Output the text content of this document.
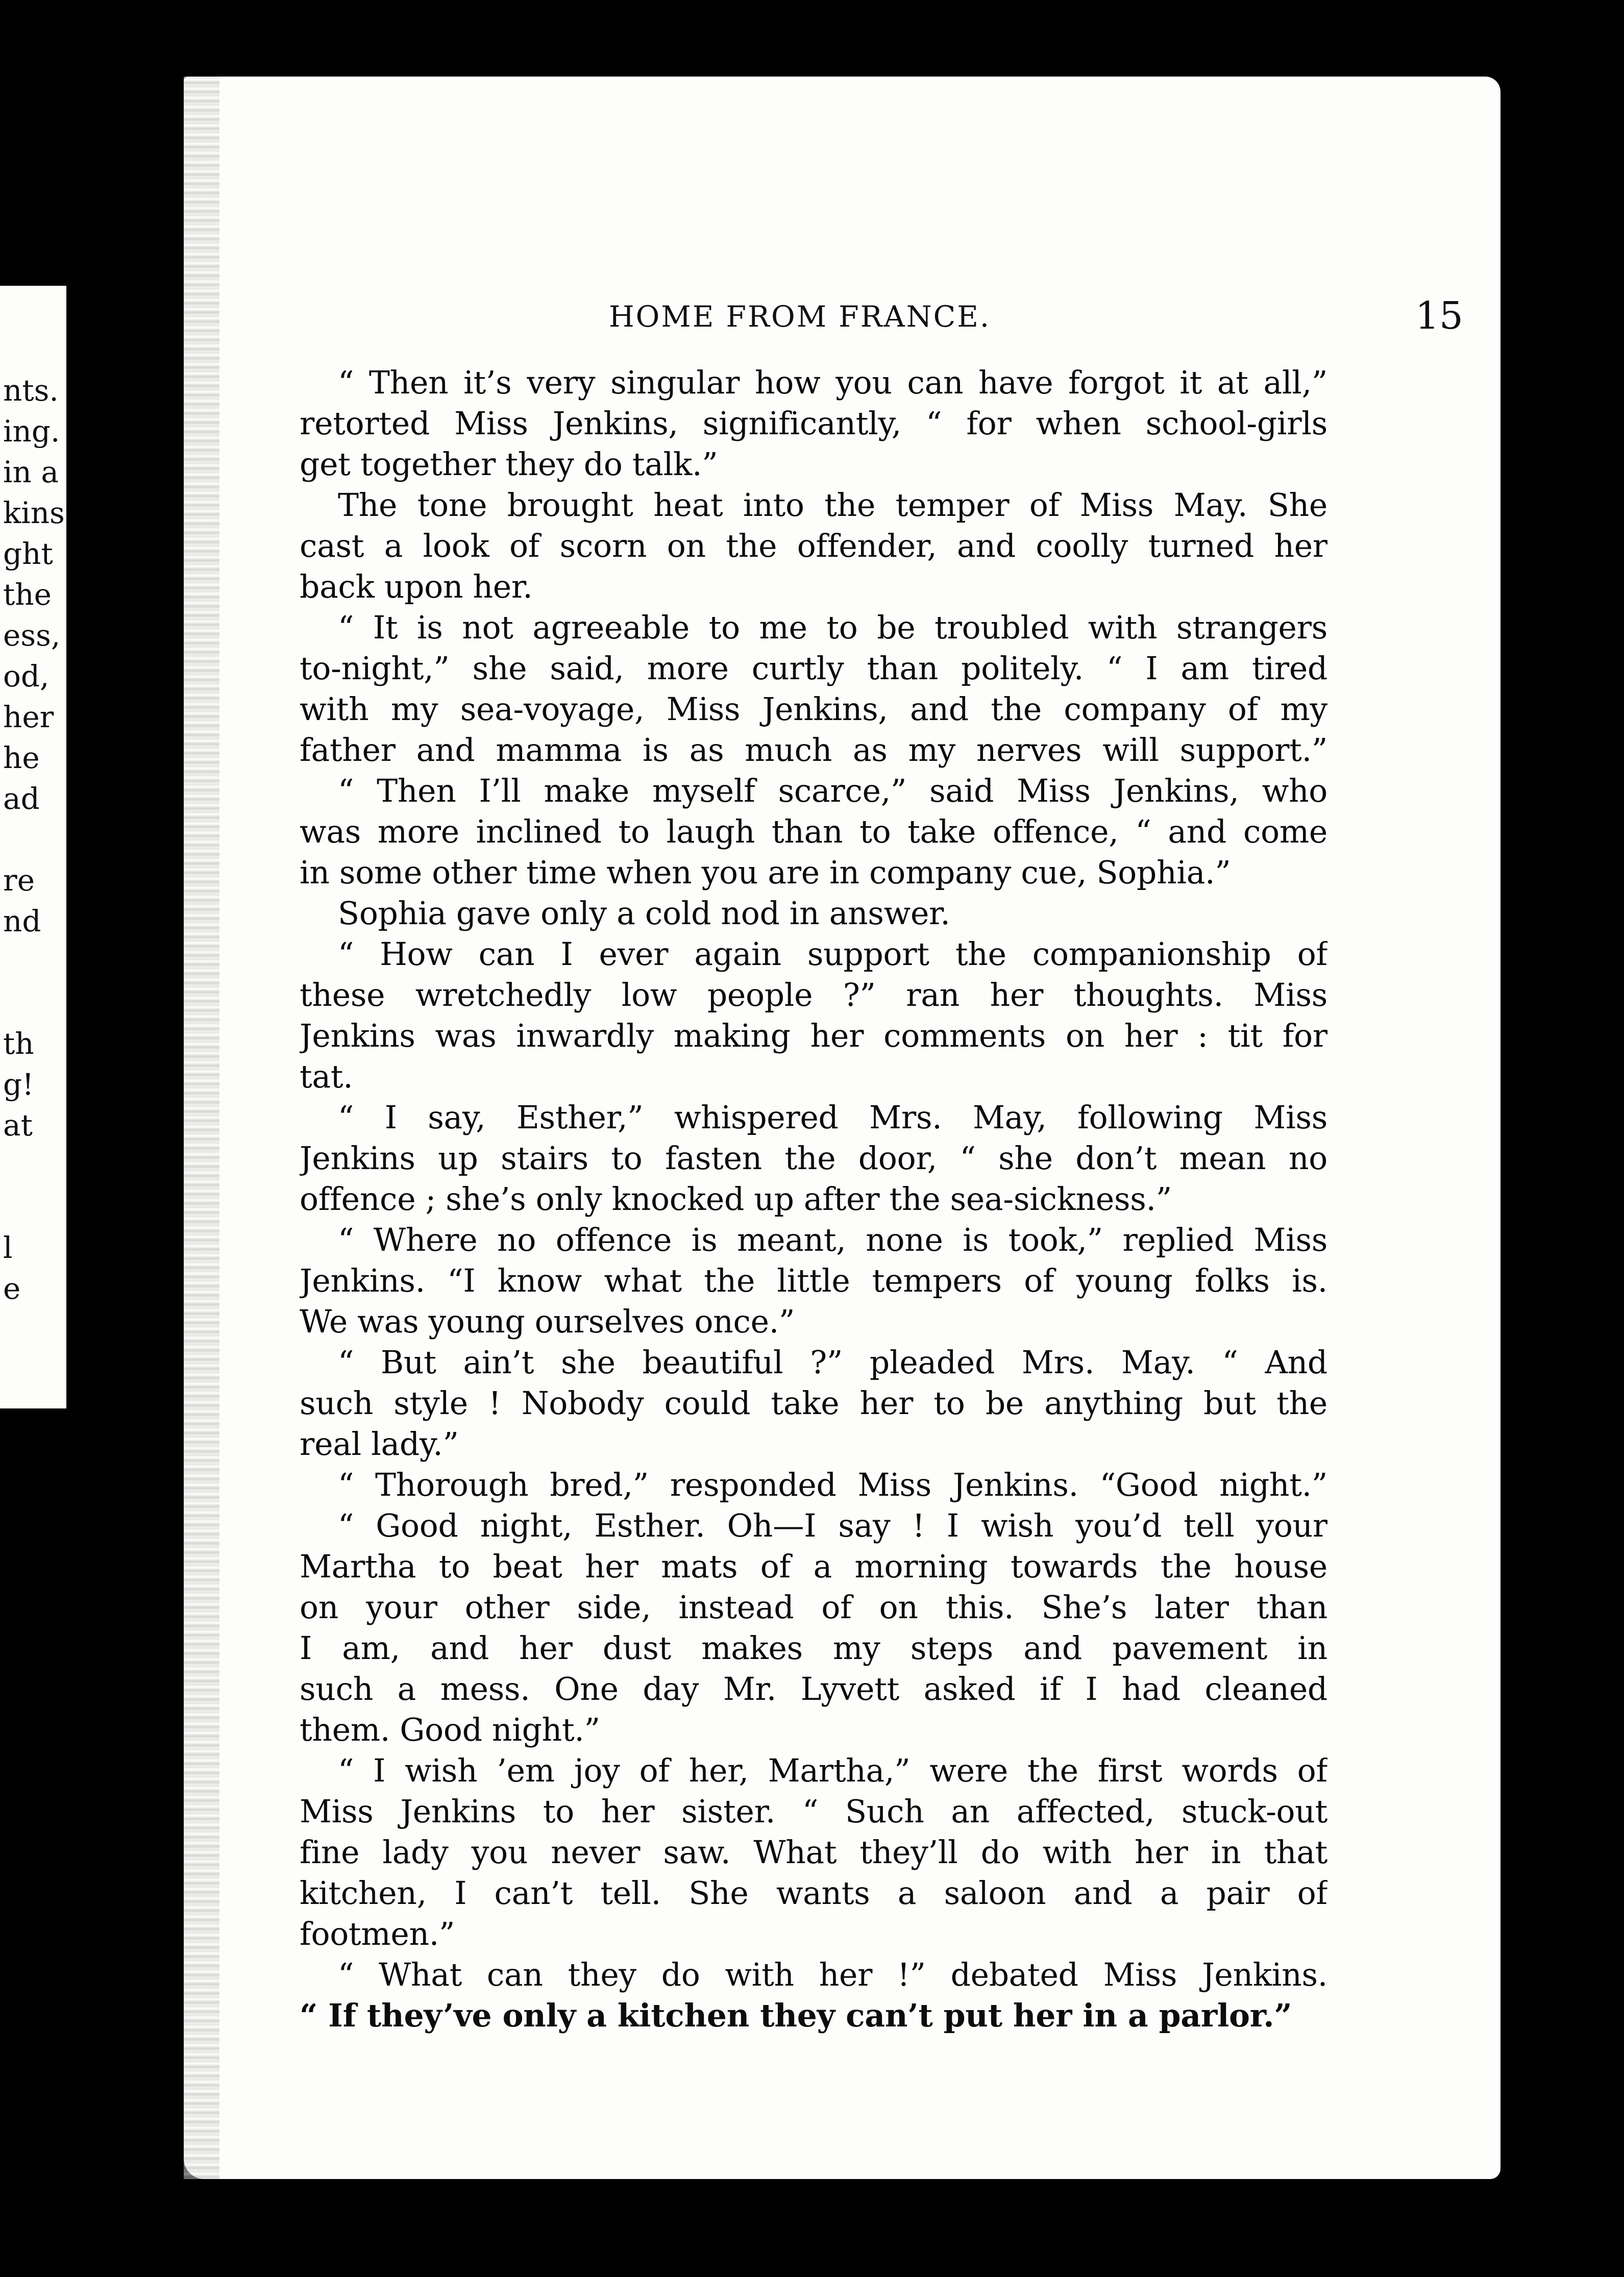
nts.
ing.
in a
kins
ght
the
ess,
od,
her
he
ad
re
nd
th
g!
at
l
e
HOME FROM FRANCE.	15
“ Then it’s very singular how you can have forgot it at all,”
retorted Miss Jenkins, significantly, “ for when school-girls
get together they do talk.”
The tone brought heat into the temper of Miss May. She
cast a look of scorn on the offender, and coolly turned her
back upon her.
“ It is not agreeable to me to be troubled with strangers
to-night,” she said, more curtly than politely. “ I am tired
with my sea-voyage, Miss Jenkins, and the company of my
father and mamma is as much as my nerves will support.”
“ Then I’ll make myself scarce,” said Miss Jenkins, who
was more inclined to laugh than to take offence, “ and come
in some other time when you are in company cue, Sophia.”
Sophia gave only a cold nod in answer.
“ How can I ever again support the companionship of
these wretchedly low people ?” ran her thoughts. Miss
Jenkins was inwardly making her comments on her : tit for
tat.
“ I say, Esther,” whispered Mrs. May, following Miss
Jenkins up stairs to fasten the door, “ she don’t mean no
offence ; she’s only knocked up after the sea-sickness.”
“ Where no offence is meant, none is took,” replied Miss
Jenkins. “I know what the little tempers of young folks is.
We was young ourselves once.”
“ But ain’t she beautiful ?” pleaded Mrs. May. “ And
such style ! Nobody could take her to be anything but the
real lady.”
“ Thorough bred,” responded Miss Jenkins. “Good night.”
“ Good night, Esther. Oh—I say ! I wish you’d tell your
Martha to beat her mats of a morning towards the house
on your other side, instead of on this. She’s later than
I am, and her dust makes my steps and pavement in
such a mess. One day Mr. Lyvett asked if I had cleaned
them. Good night.”
“ I wish ’em joy of her, Martha,” were the first words of
Miss Jenkins to her sister. “ Such an affected, stuck-out
fine lady you never saw. What they’ll do with her in that
kitchen, I can’t tell. She wants a saloon and a pair of
footmen.”
“ What can they do with her !” debated Miss Jenkins.
“ If they’ve only a kitchen they can’t put her in a parlor.”
